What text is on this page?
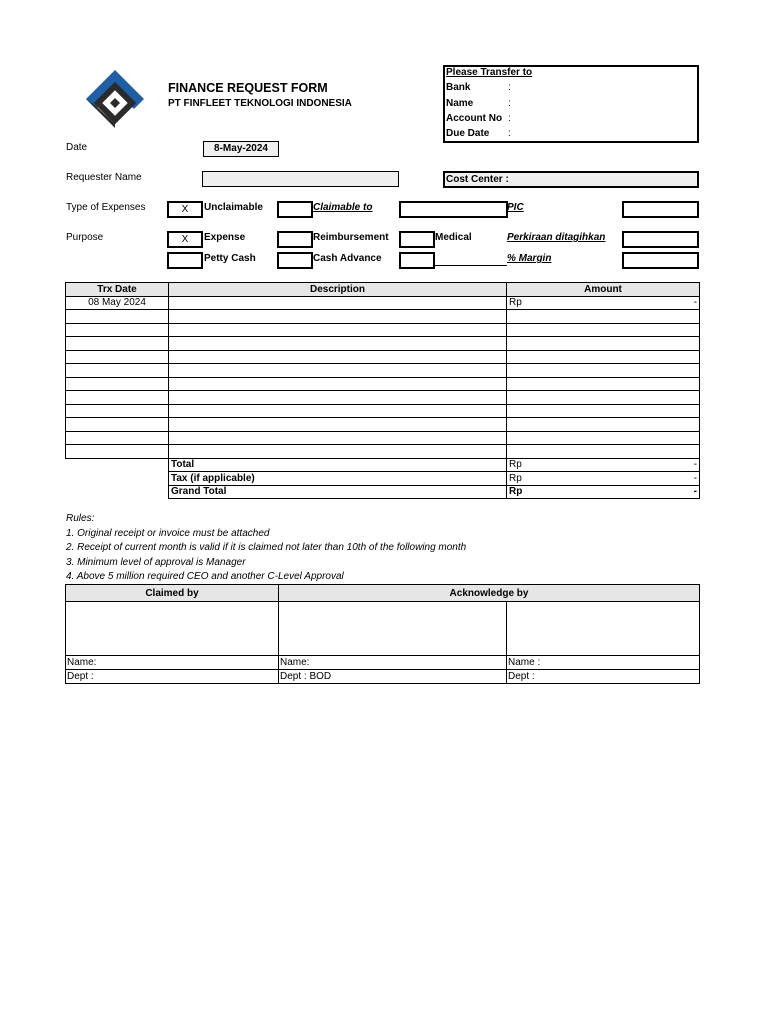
FINANCE REQUEST FORM
PT FINFLEET TEKNOLOGI INDONESIA
Please Transfer to
Bank	:
Name	:
Account No :
Due Date :
Date	8-May-2024
Requester Name	Cost Center :
Type of Expenses	X	Unclaimable	Claimable to	PIC
Purpose	X	Expense	Reimbursement	Medical	Perkiraan ditagihkan
Petty Cash	Cash Advance	% Margin
Trx Date	Description	Amount
08 May 2024		Rp -

	Total	Rp -

	Tax (if applicable)	Rp -

	Grand Total	Rp -
Rules:
1. Original receipt or invoice must be attached
2. Receipt of current month is valid if it is claimed not later than 10th of the following month
3. Minimum level of approval is Manager
4. Above 5 million required CEO and another C-Level Approval
Claimed by	Acknowledge by	

Name:	Name:	Name :
Dept :	Dept : BOD	Dept :
